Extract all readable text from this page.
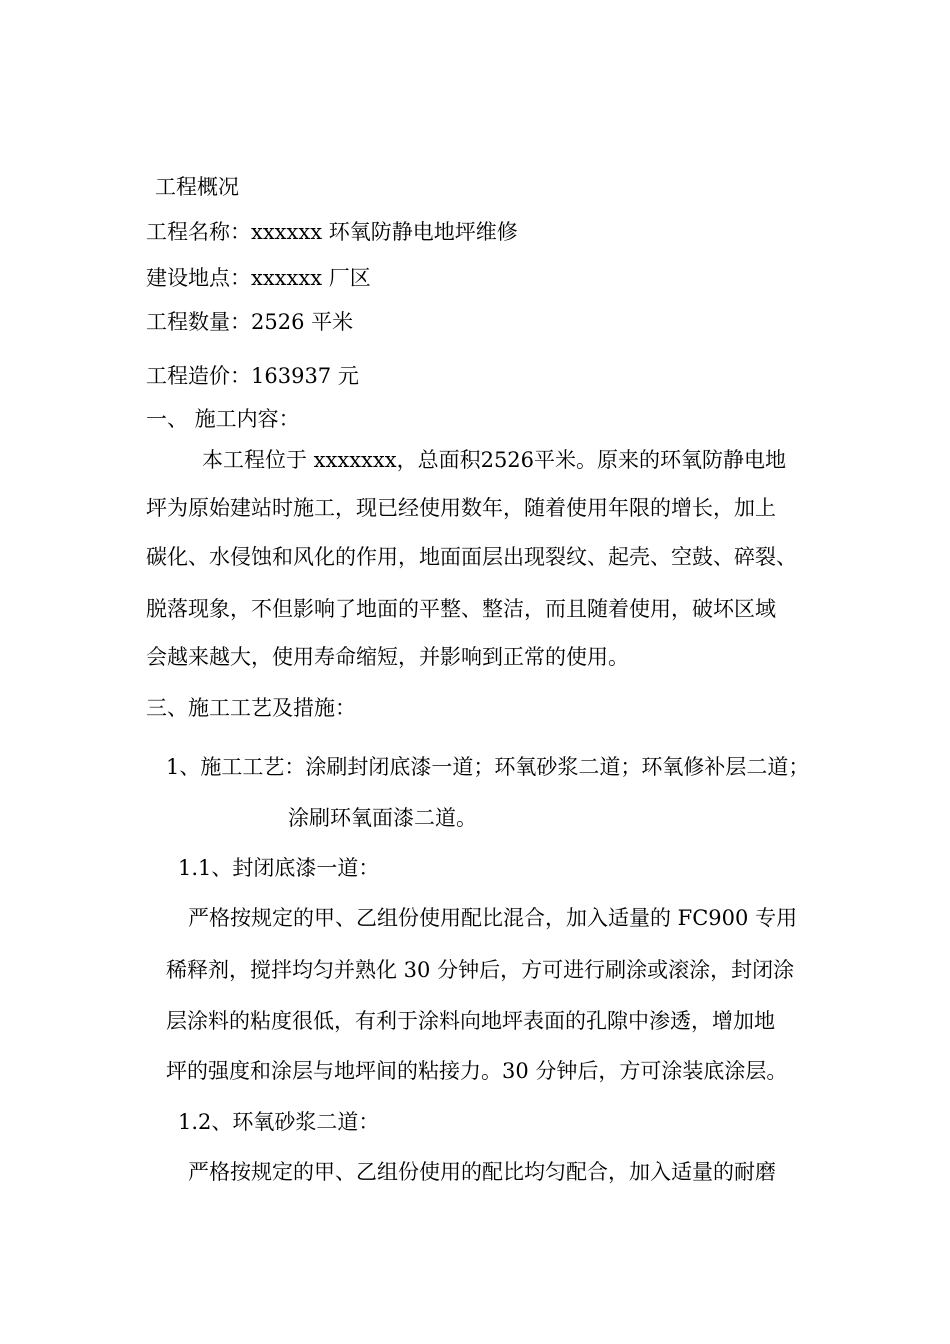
工程概况

工程名称：xxxxxx 环氧防静电地坪维修

建设地点：xxxxxx 厂区

工程数量：2526 平米

工程造价：163937 元

一、 施工内容：

本工程位于 xxxxxxx，总面积2526平米。原来的环氧防静电地

坪为原始建站时施工，现已经使用数年，随着使用年限的增长，加上

碳化、水侵蚀和风化的作用，地面面层出现裂纹、起壳、空鼓、碎裂、

脱落现象，不但影响了地面的平整、整洁，而且随着使用，破坏区域

会越来越大，使用寿命缩短，并影响到正常的使用。

三、施工工艺及措施：

1、施工工艺：涂刷封闭底漆一道；环氧砂浆二道；环氧修补层二道；

涂刷环氧面漆二道。

1.1、封闭底漆一道：

严格按规定的甲、乙组份使用配比混合，加入适量的 FC900 专用

稀释剂，搅拌均匀并熟化 30 分钟后，方可进行刷涂或滚涂，封闭涂

层涂料的粘度很低，有利于涂料向地坪表面的孔隙中渗透，增加地

坪的强度和涂层与地坪间的粘接力。30 分钟后，方可涂装底涂层。

1.2、环氧砂浆二道：

严格按规定的甲、乙组份使用的配比均匀配合，加入适量的耐磨
